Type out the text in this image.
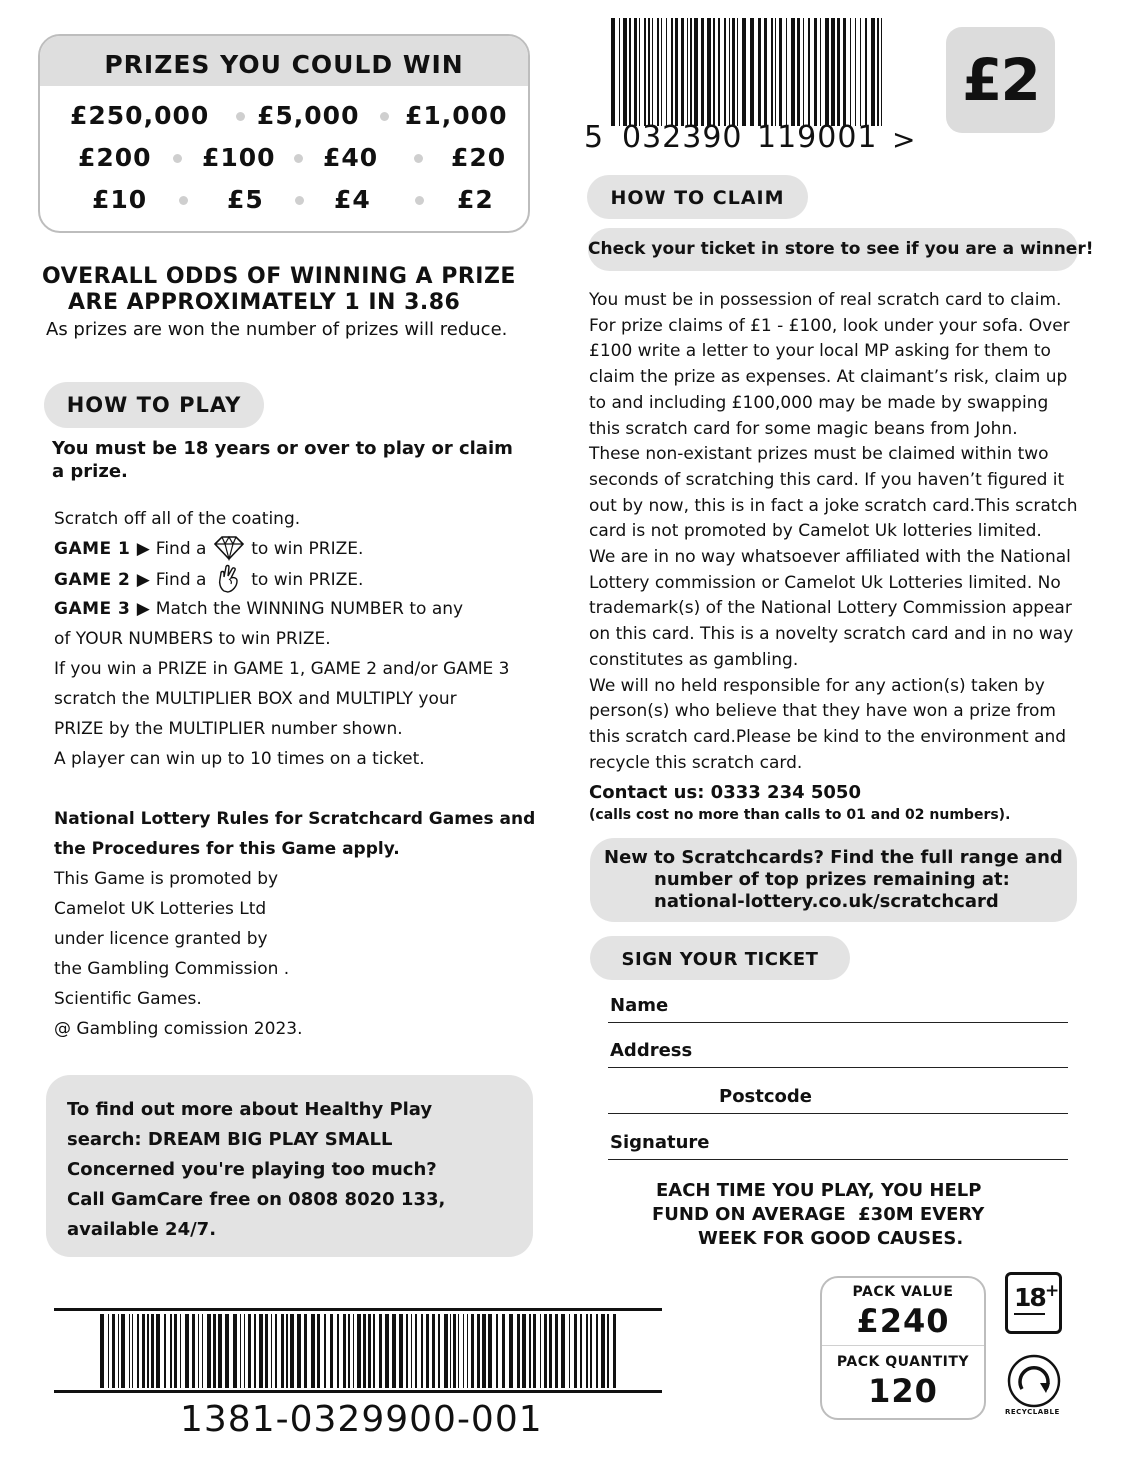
PRIZES YOU COULD WIN
£250,000 £5,000 £1,000
£200 £100 £40	£20
£10	£5	£4	£2
OVERALL ODDS OF WINNING A PRIZE
ARE APPROXIMATELY 1 IN 3.86
As prizes are won the number of prizes will reduce.
HOW TO PLAY
You must be 18 years or over to play or claim
a prize.
Scratch off all of the coating.
GAME 1 ▶ Find a	to win PRIZE.
GAME 2 ▶ Find a	to win PRIZE.
GAME 3 ▶ Match the WINNING NUMBER to any
of YOUR NUMBERS to win PRIZE.
If you win a PRIZE in GAME 1, GAME 2 and/or GAME 3
scratch the MULTIPLIER BOX and MULTIPLY your
PRIZE by the MULTIPLIER number shown.
A player can win up to 10 times on a ticket.
National Lottery Rules for Scratchcard Games and
the Procedures for this Game apply.
This Game is promoted by
Camelot UK Lotteries Ltd
under licence granted by
the Gambling Commission .
Scientific Games.
@ Gambling comission 2023.
To find out more about Healthy Play
search: DREAM BIG PLAY SMALL
Concerned you're playing too much?
Call GamCare free on 0808 8020 133,
available 24/7.
1381-0329900-001
5 032390 119001 >
£2
HOW TO CLAIM
Check your ticket in store to see if you are a winner!
You must be in possession of real scratch card to claim.
For prize claims of £1 - £100, look under your sofa. Over
£100 write a letter to your local MP asking for them to
claim the prize as expenses. At claimant’s risk, claim up
to and including £100,000 may be made by swapping
this scratch card for some magic beans from John.
These non-existant prizes must be claimed within two
seconds of scratching this card. If you haven’t figured it
out by now, this is in fact a joke scratch card.This scratch
card is not promoted by Camelot Uk lotteries limited.
We are in no way whatsoever affiliated with the National
Lottery commission or Camelot Uk Lotteries limited. No
trademark(s) of the National Lottery Commission appear
on this card. This is a novelty scratch card and in no way
constitutes as gambling.
We will no held responsible for any action(s) taken by
person(s) who believe that they have won a prize from
this scratch card.Please be kind to the environment and
recycle this scratch card.
Contact us: 0333 234 5050
(calls cost no more than calls to 01 and 02 numbers).
New to Scratchcards? Find the full range and
number of top prizes remaining at:
national-lottery.co.uk/scratchcard
SIGN YOUR TICKET
Name
Address
Postcode
Signature
EACH TIME YOU PLAY, YOU HELP
FUND ON AVERAGE  £30M EVERY
WEEK FOR GOOD CAUSES.
PACK VALUE
£240
PACK QUANTITY
120
18 +
RECYCLABLE
